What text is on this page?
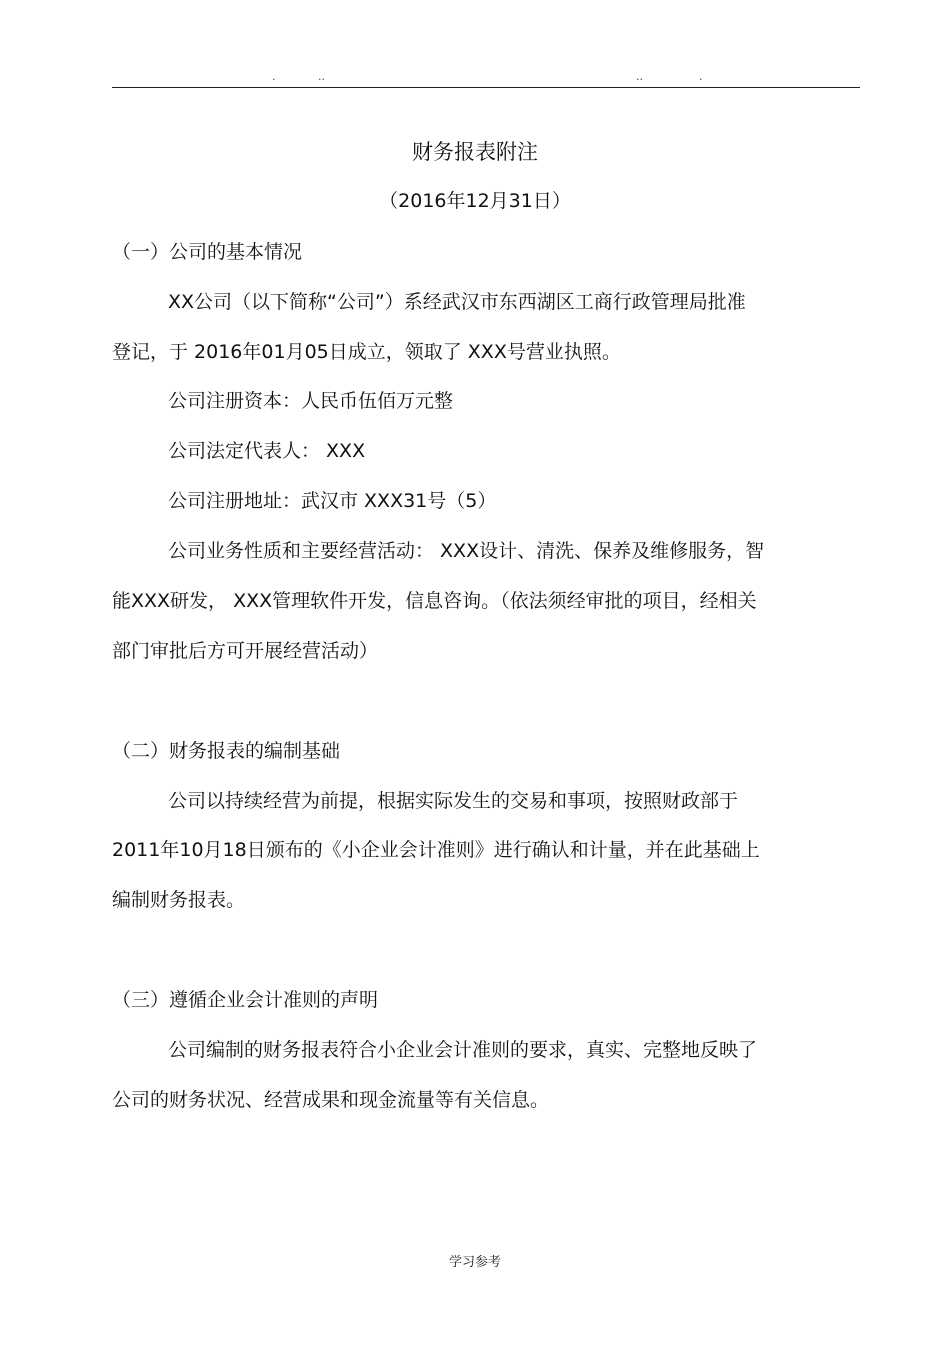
.	..	..	.
财务报表附注
（2016年12月31日）
（一）公司的基本情况
XX公司（以下简称“公司”）系经武汉市东西湖区工商行政管理局批准
登记，于 2016年01月05日成立，领取了 XXX号营业执照。
公司注册资本：人民币伍佰万元整
公司法定代表人： XXX
公司注册地址：武汉市 XXX31号（5）
公司业务性质和主要经营活动： XXX设计、清洗、保养及维修服务，智
能XXX研发， XXX管理软件开发，信息咨询。（依法须经审批的项目，经相关
部门审批后方可开展经营活动）
（二）财务报表的编制基础
公司以持续经营为前提，根据实际发生的交易和事项，按照财政部于
2011年10月18日颁布的《小企业会计准则》进行确认和计量，并在此基础上
编制财务报表。
（三）遵循企业会计准则的声明
公司编制的财务报表符合小企业会计准则的要求，真实、完整地反映了
公司的财务状况、经营成果和现金流量等有关信息。
学习参考
